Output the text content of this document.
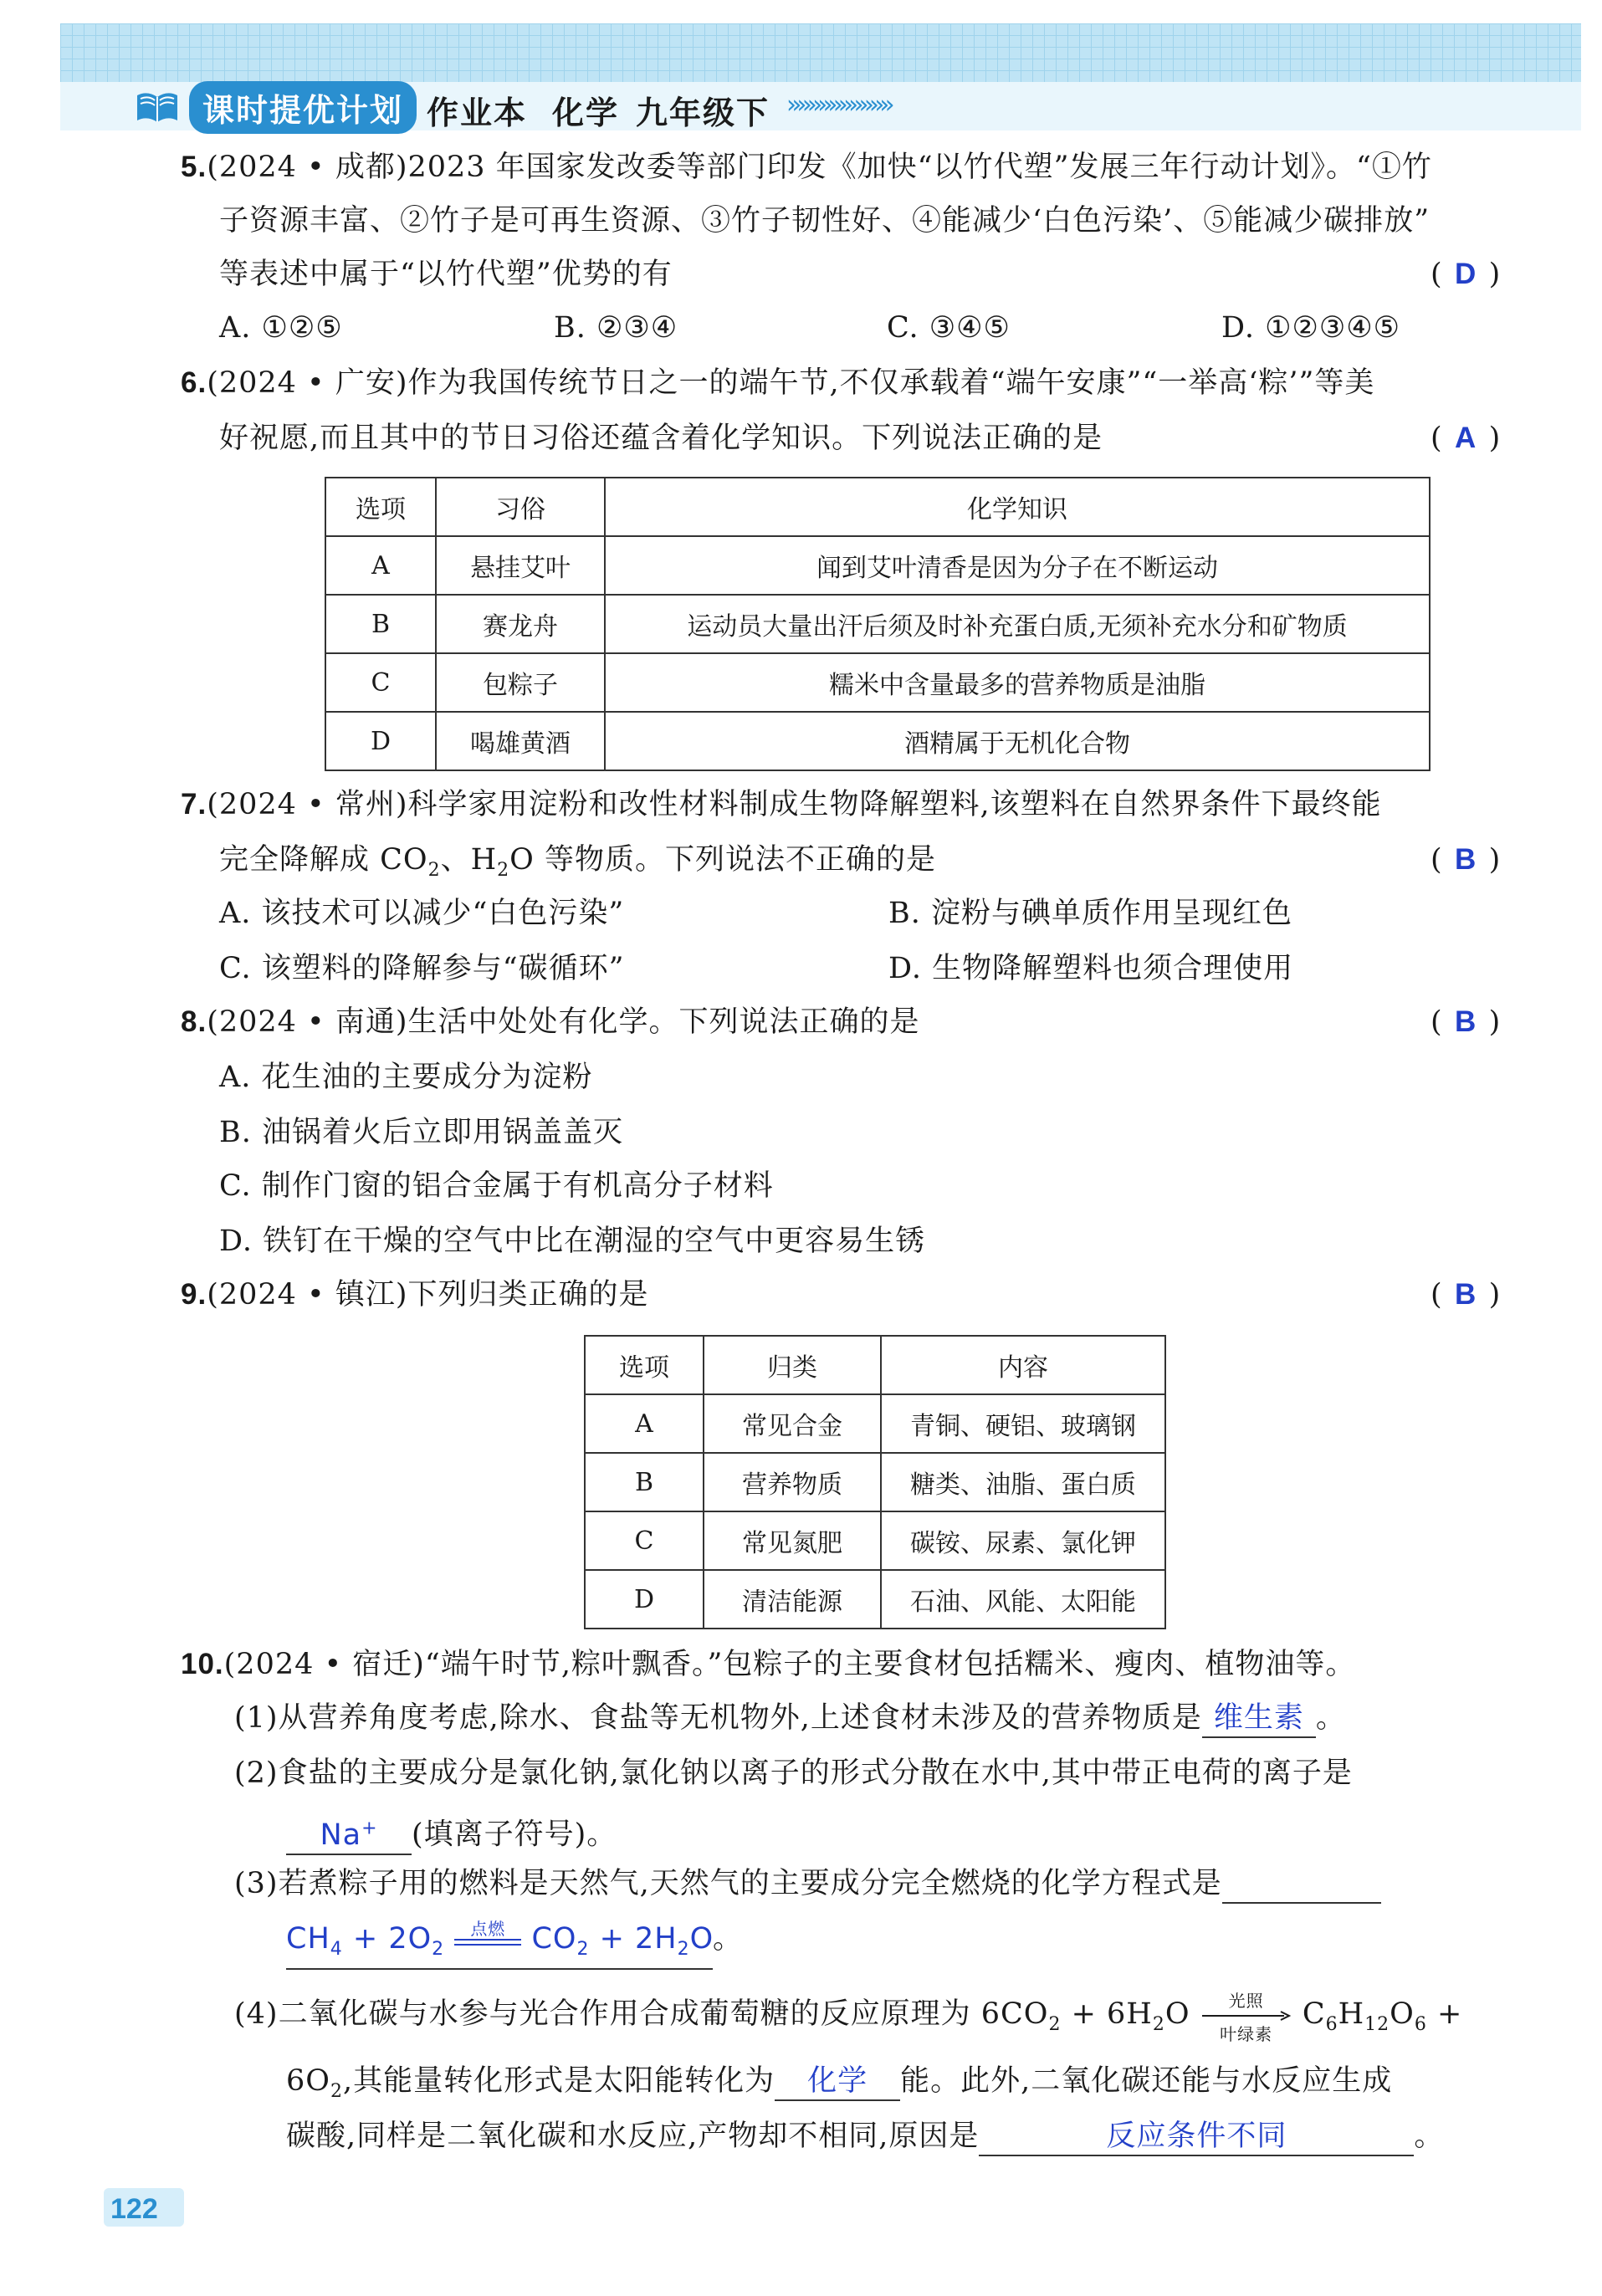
课时提优计划 作业本 化学 九年级下 »»»»»»»»»»
5.(2024 • 成都)2023 年国家发改委等部门印发《加快“以竹代塑”发展三年行动计划》。“①竹
子资源丰富、②竹子是可再生资源、③竹子韧性好、④能减少‘白色污染’、⑤能减少碳排放”
等表述中属于“以竹代塑”优势的有	( D )
A. ①②⑤	B. ②③④	C. ③④⑤	D. ①②③④⑤
6.(2024 • 广安)作为我国传统节日之一的端午节,不仅承载着“端午安康”“一举高‘粽’”等美
好祝愿,而且其中的节日习俗还蕴含着化学知识。下列说法正确的是	( A )
选项	习俗	化学知识
A	悬挂艾叶	闻到艾叶清香是因为分子在不断运动
B	赛龙舟	运动员大量出汗后须及时补充蛋白质,无须补充水分和矿物质
C	包粽子	糯米中含量最多的营养物质是油脂
D	喝雄黄酒	酒精属于无机化合物
7.(2024 • 常州)科学家用淀粉和改性材料制成生物降解塑料,该塑料在自然界条件下最终能
完全降解成 $CO_2$、$H_2O$ 等物质。下列说法不正确的是	( B )
A. 该技术可以减少“白色污染”	B. 淀粉与碘单质作用呈现红色
C. 该塑料的降解参与“碳循环”	D. 生物降解塑料也须合理使用
8.(2024 • 南通)生活中处处有化学。下列说法正确的是	( B )
A. 花生油的主要成分为淀粉
B. 油锅着火后立即用锅盖盖灭
C. 制作门窗的铝合金属于有机高分子材料
D. 铁钉在干燥的空气中比在潮湿的空气中更容易生锈
9.(2024 • 镇江)下列归类正确的是	( B )
选项	归类	内容
A	常见合金	青铜、硬铝、玻璃钢
B	营养物质	糖类、油脂、蛋白质
C	常见氮肥	碳铵、尿素、氯化钾
D	清洁能源	石油、风能、太阳能
10.(2024 • 宿迁)“端午时节,粽叶飘香。”包粽子的主要食材包括糯米、瘦肉、植物油等。
(1)从营养角度考虑,除水、食盐等无机物外,上述食材未涉及的营养物质是 维生素 。
(2)食盐的主要成分是氯化钠,氯化钠以离子的形式分散在水中,其中带正电荷的离子是
Na+ (填离子符号)。
(3)若煮粽子用的燃料是天然气,天然气的主要成分完全燃烧的化学方程式是
$CH_4 + 2O_2$
点燃 $CO_2 + 2H_2O$。
(4)二氧化碳与水参与光合作用合成葡萄糖的反应原理为 $6CO_2 + 6H_2O$	光照
叶绿素
$C_6H_{12}O_6$ +
$6O_2$,其能量转化形式是太阳能转化为 化学 能。此外,二氧化碳还能与水反应生成
碳酸,同样是二氧化碳和水反应,产物却不相同,原因是	反应条件不同	。
122
